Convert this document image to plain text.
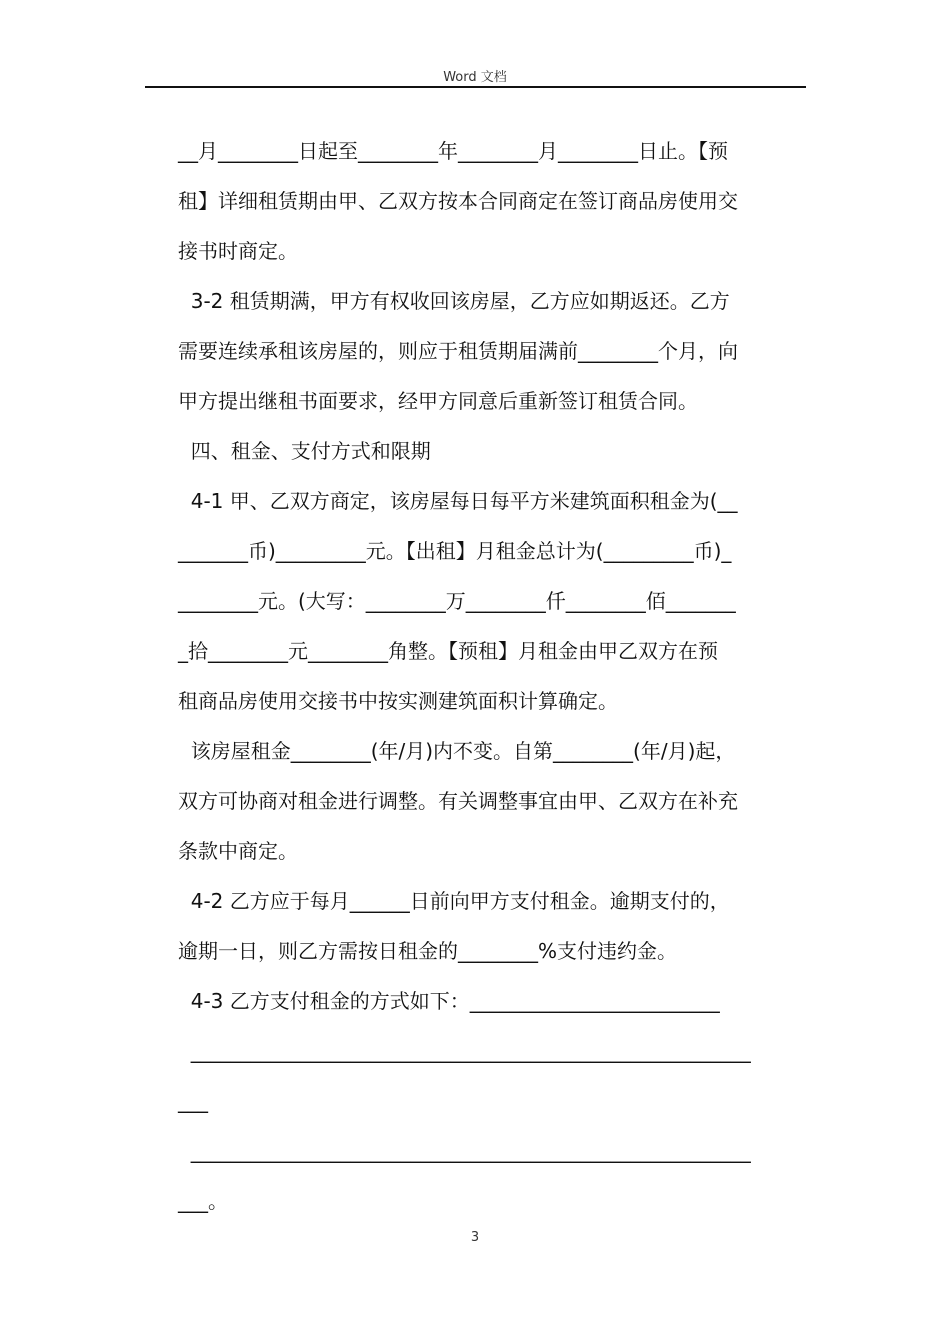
Word 文档
__月________日起至________年________月________日止。【预
租】详细租赁期由甲、乙双方按本合同商定在签订商品房使用交
接书时商定。
3-2 租赁期满，甲方有权收回该房屋，乙方应如期返还。乙方
需要连续承租该房屋的，则应于租赁期届满前________个月，向
甲方提出继租书面要求，经甲方同意后重新签订租赁合同。
四、租金、支付方式和限期
4-1 甲、乙双方商定，该房屋每日每平方米建筑面积租金为(__
_______币)_________元。【出租】月租金总计为(_________币)_
________元。(大写：________万________仟________佰_______
_拾________元________角整。【预租】月租金由甲乙双方在预
租商品房使用交接书中按实测建筑面积计算确定。
该房屋租金________(年/月)内不变。自第________(年/月)起，
双方可协商对租金进行调整。有关调整事宜由甲、乙双方在补充
条款中商定。
4-2 乙方应于每月______日前向甲方支付租金。逾期支付的，
逾期一日，则乙方需按日租金的________%支付违约金。
4-3 乙方支付租金的方式如下：_________________________
________________________________________________________
___
________________________________________________________
___。
3
